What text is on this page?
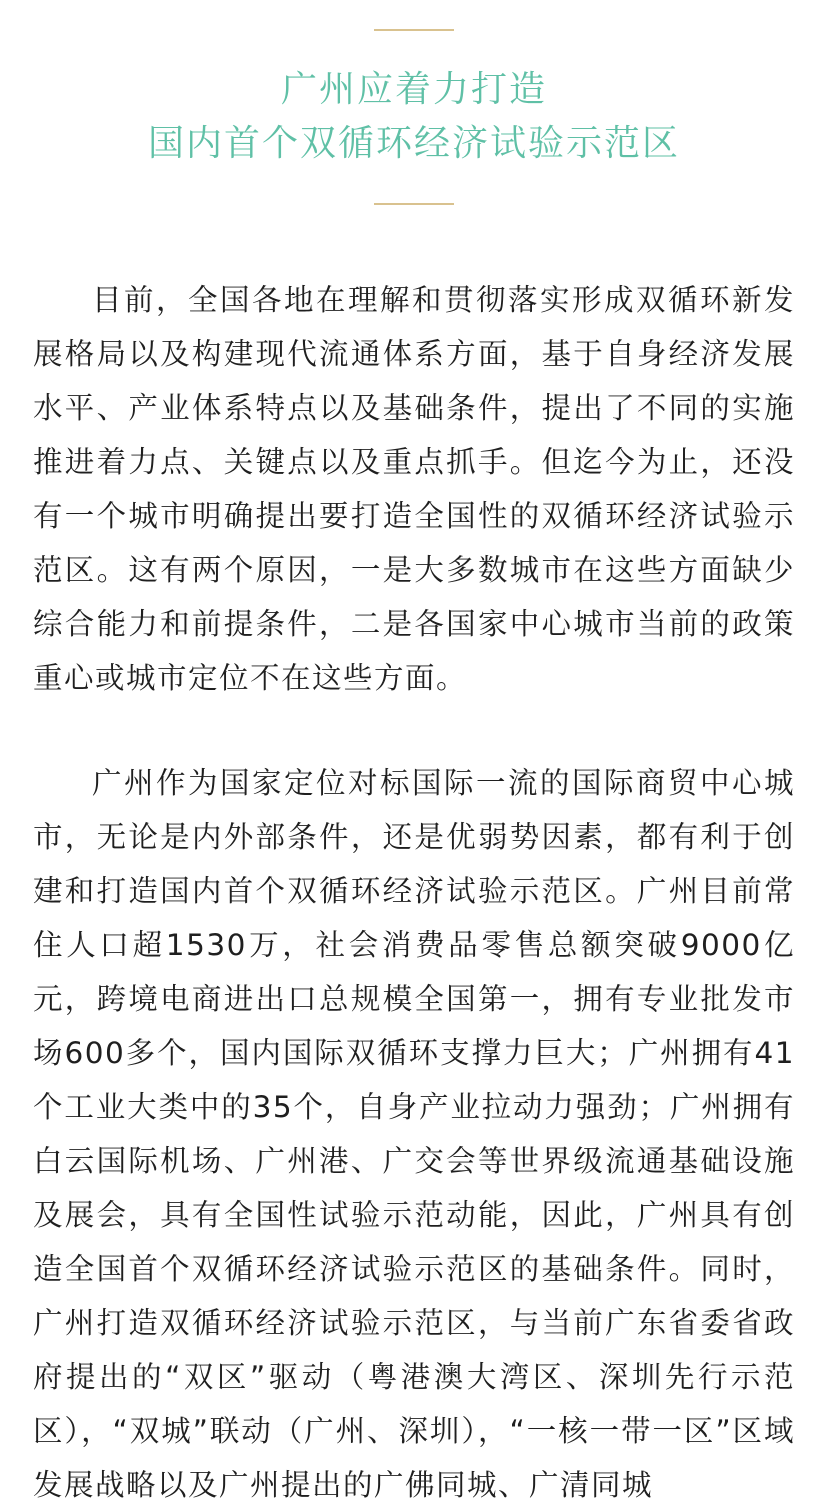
广州应着力打造
国内首个双循环经济试验示范区

目前，全国各地在理解和贯彻落实形成双循环新发展格局以及构建现代流通体系方面，基于自身经济发展水平、产业体系特点以及基础条件，提出了不同的实施推进着力点、关键点以及重点抓手。但迄今为止，还没有一个城市明确提出要打造全国性的双循环经济试验示范区。这有两个原因，一是大多数城市在这些方面缺少综合能力和前提条件，二是各国家中心城市当前的政策重心或城市定位不在这些方面。

广州作为国家定位对标国际一流的国际商贸中心城市，无论是内外部条件，还是优弱势因素，都有利于创建和打造国内首个双循环经济试验示范区。广州目前常住人口超1530万，社会消费品零售总额突破9000亿元，跨境电商进出口总规模全国第一，拥有专业批发市场600多个，国内国际双循环支撑力巨大；广州拥有41个工业大类中的35个，自身产业拉动力强劲；广州拥有白云国际机场、广州港、广交会等世界级流通基础设施及展会，具有全国性试验示范动能，因此，广州具有创造全国首个双循环经济试验示范区的基础条件。同时，广州打造双循环经济试验示范区，与当前广东省委省政府提出的“双区”驱动（粤港澳大湾区、深圳先行示范区），“双城”联动（广州、深圳），“一核一带一区”区域发展战略以及广州提出的广佛同城、广清同城
